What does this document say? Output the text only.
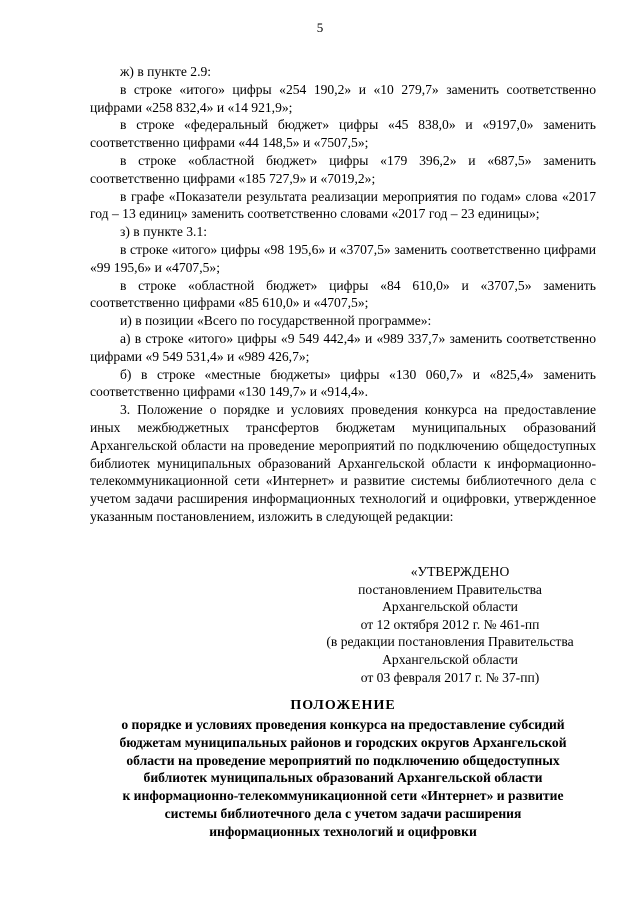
5

ж) в пункте 2.9:

в строке «итого» цифры «254 190,2» и «10 279,7» заменить соответственно цифрами «258 832,4» и «14 921,9»;

в строке «федеральный бюджет» цифры «45 838,0» и «9197,0» заменить соответственно цифрами «44 148,5» и «7507,5»;

в строке «областной бюджет» цифры «179 396,2» и «687,5» заменить соответственно цифрами «185 727,9» и «7019,2»;

в графе «Показатели результата реализации мероприятия по годам» слова «2017 год – 13 единиц» заменить соответственно словами «2017 год – 23 единицы»;

з) в пункте 3.1:

в строке «итого» цифры «98 195,6» и «3707,5» заменить соответственно цифрами «99 195,6» и «4707,5»;

в строке «областной бюджет» цифры «84 610,0» и «3707,5» заменить соответственно цифрами «85 610,0» и «4707,5»;

и) в позиции «Всего по государственной программе»:

а) в строке «итого» цифры «9 549 442,4» и «989 337,7» заменить соответственно цифрами «9 549 531,4» и «989 426,7»;

б) в строке «местные бюджеты» цифры «130 060,7» и «825,4» заменить соответственно цифрами «130 149,7» и «914,4».

3. Положение о порядке и условиях проведения конкурса на предоставление иных межбюджетных трансфертов бюджетам муниципальных образований Архангельской области на проведение мероприятий по подключению общедоступных библиотек муниципальных образований Архангельской области к информационно-телекоммуникационной сети «Интернет» и развитие системы библиотечного дела с учетом задачи расширения информационных технологий и оцифровки, утвержденное указанным постановлением, изложить в следующей редакции:

«УТВЕРЖДЕНО
постановлением Правительства
Архангельской области
от 12 октября 2012 г. № 461-пп
(в редакции постановления Правительства
Архангельской области
от 03 февраля 2017 г. № 37-пп)
ПОЛОЖЕНИЕ
о порядке и условиях проведения конкурса на предоставление субсидий
бюджетам муниципальных районов и городских округов Архангельской
области на проведение мероприятий по подключению общедоступных
библиотек муниципальных образований Архангельской области
к информационно-телекоммуникационной сети «Интернет» и развитие
системы библиотечного дела с учетом задачи расширения
информационных технологий и оцифровки
